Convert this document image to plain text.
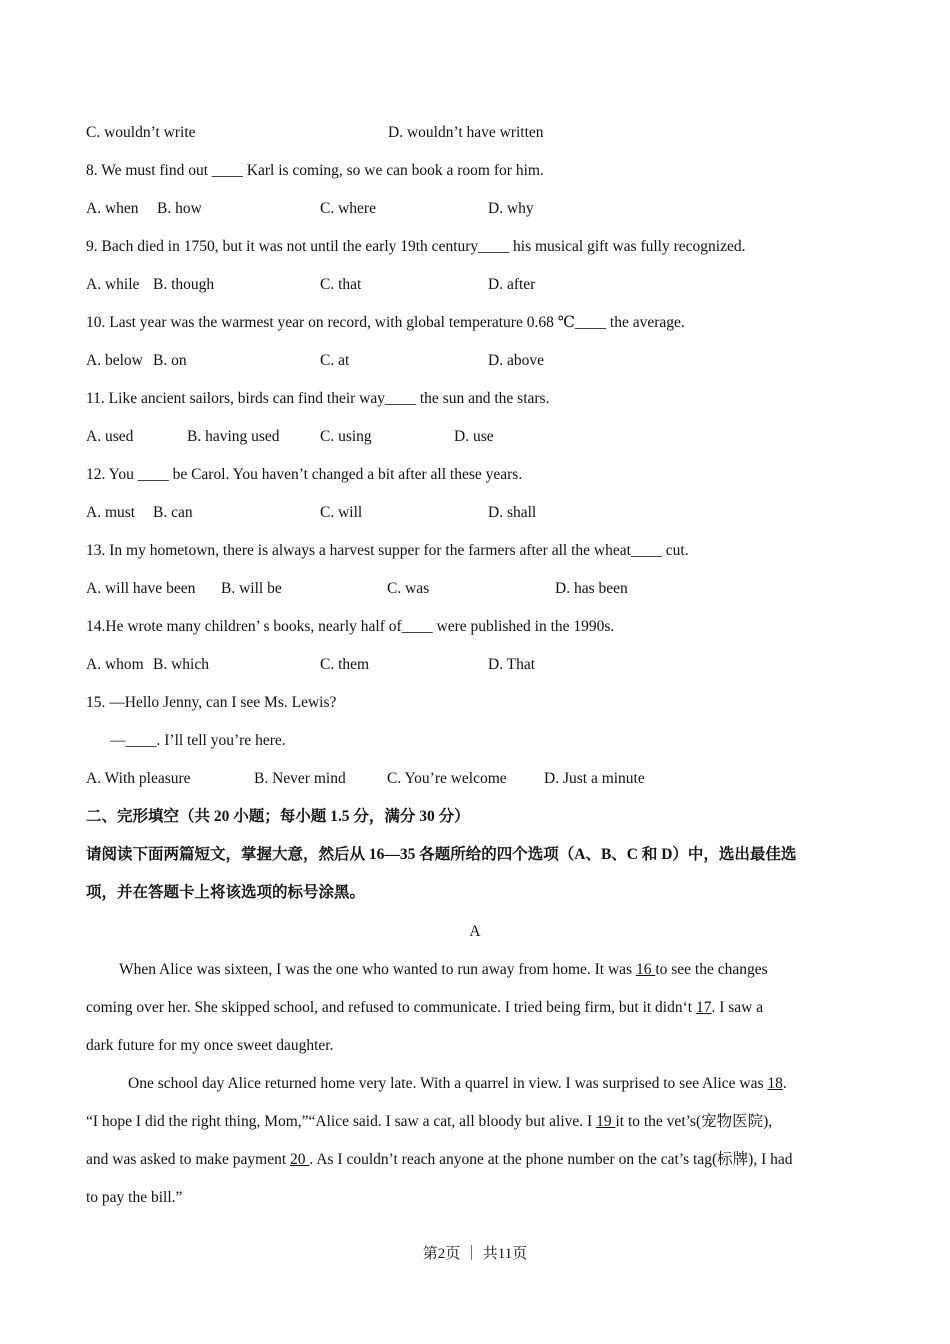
C. wouldn’t write	D. wouldn’t have written
8. We must find out ____ Karl is coming, so we can book a room for him.
A. when B. how	C. where	D. why
9. Bach died in 1750, but it was not until the early 19th century____ his musical gift was fully recognized.
A. while B. though	C. that	D. after
10. Last year was the warmest year on record, with global temperature 0.68 ℃____ the average.
A. below B. on	C. at	D. above
11. Like ancient sailors, birds can find their way____ the sun and the stars.
A. used	B. having used	C. using	D. use
12. You ____ be Carol. You haven’t changed a bit after all these years.
A. must B. can	C. will	D. shall
13. In my hometown, there is always a harvest supper for the farmers after all the wheat____ cut.
A. will have been B. will be	C. was	D. has been
14.He wrote many children’ s books, nearly half of____ were published in the 1990s.
A. whom B. which	C. them	D. That
15. —Hello Jenny, can I see Ms. Lewis?
—____. I’ll tell you’re here.
A. With pleasure	B. Never mind	C. You’re welcome D. Just a minute
二、完形填空（共 20 小题；每小题 1.5 分，满分 30 分）
请阅读下面两篇短文，掌握大意，然后从 16—35 各题所给的四个选项（A、B、C 和 D）中，选出最佳选
项，并在答题卡上将该选项的标号涂黑。
A
When Alice was sixteen, I was the one who wanted to run away from home. It was 16 to see the changes
coming over her. She skipped school, and refused to communicate. I tried being firm, but it didn‘t 17. I saw a
dark future for my once sweet daughter.
One school day Alice returned home very late. With a quarrel in view. I was surprised to see Alice was 18.
“I hope I did the right thing, Mom,”“Alice said. I saw a cat, all bloody but alive. I 19 it to the vet’s(宠物医院),
and was asked to make payment 20 . As I couldn’t reach anyone at the phone number on the cat’s tag(标牌), I had
to pay the bill.”
第2页 ｜ 共11页
